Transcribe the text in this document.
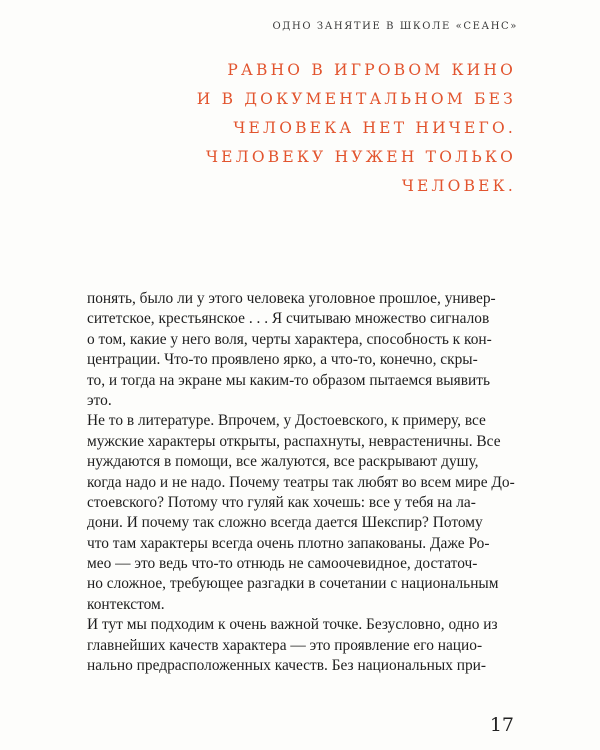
ОДНО ЗАНЯТИЕ В ШКОЛЕ «СЕАНС»
РАВНО В ИГРОВОМ КИНО
И В ДОКУМЕНТАЛЬНОМ БЕЗ
ЧЕЛОВЕКА НЕТ НИЧЕГО.
ЧЕЛОВЕКУ НУЖЕН ТОЛЬКО
ЧЕЛОВЕК.
понять, было ли у этого человека уголовное прошлое, универ-
ситетское, крестьянское . . . Я считываю множество сигналов
о том, какие у него воля, черты характера, способность к кон-
центрации. Что-то проявлено ярко, а что-то, конечно, скры-
то, и тогда на экране мы каким-то образом пытаемся выявить
это.
Не то в литературе. Впрочем, у Достоевского, к примеру, все
мужские характеры открыты, распахнуты, неврастеничны. Все
нуждаются в помощи, все жалуются, все раскрывают душу,
когда надо и не надо. Почему театры так любят во всем мире До-
стоевского? Потому что гуляй как хочешь: все у тебя на ла-
дони. И почему так сложно всегда дается Шекспир? Потому
что там характеры всегда очень плотно запакованы. Даже Ро-
мео — это ведь что-то отнюдь не самоочевидное, достаточ-
но сложное, требующее разгадки в сочетании с национальным
контекстом.
И тут мы подходим к очень важной точке. Безусловно, одно из
главнейших качеств характера — это проявление его нацио-
нально предрасположенных качеств. Без национальных при-
17
